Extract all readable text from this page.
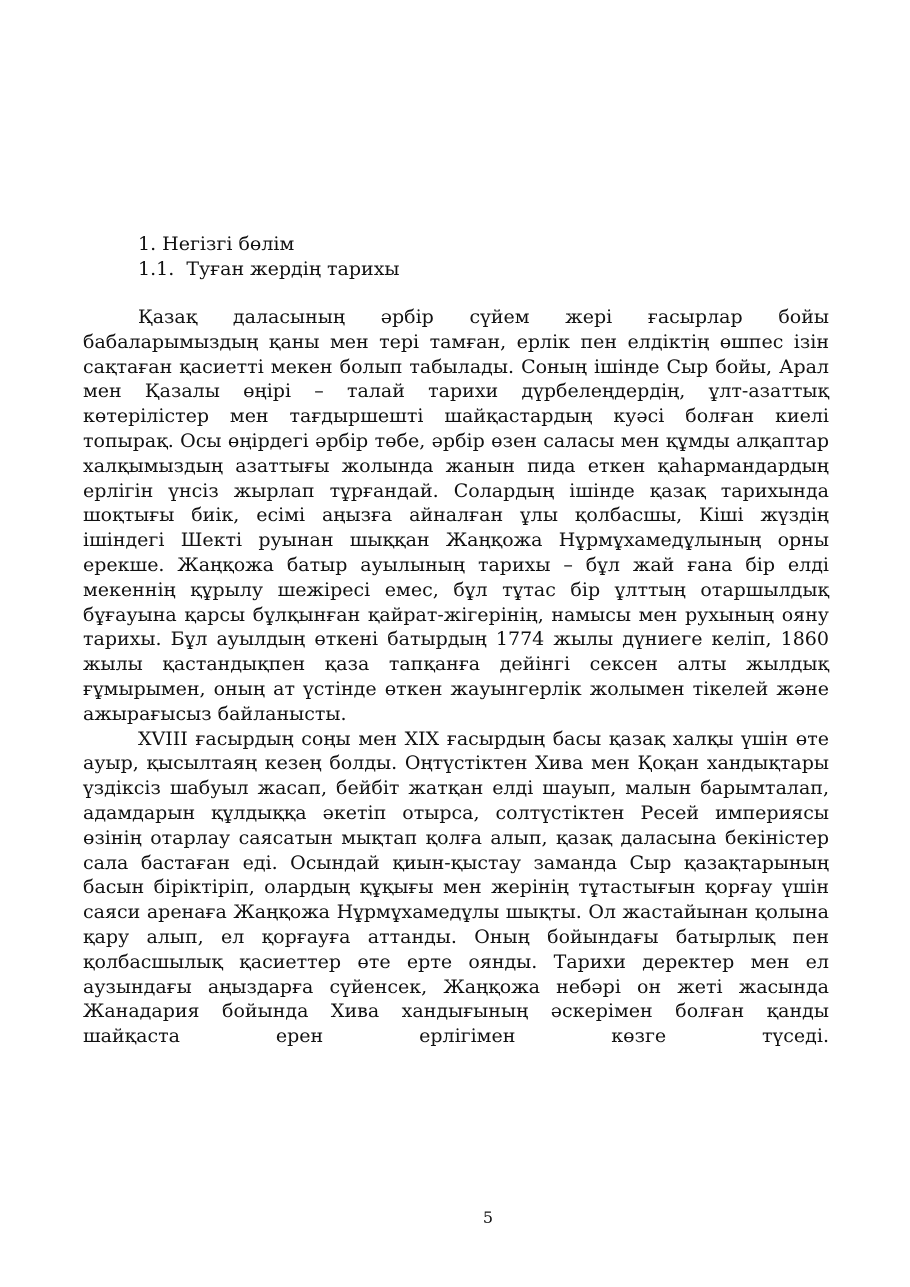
1. Негізгі бөлім
1.1.  Туған жердің тарихы

Қазақ даласының әрбір сүйем жері ғасырлар бойы бабаларымыздың қаны мен тері тамған, ерлік пен елдіктің өшпес ізін сақтаған қасиетті мекен болып табылады. Соның ішінде Сыр бойы, Арал мен Қазалы өңірі – талай тарихи дүрбелеңдердің, ұлт-азаттық көтерілістер мен тағдыршешті шайқастардың куәсі болған киелі топырақ. Осы өңірдегі әрбір төбе, әрбір өзен саласы мен құмды алқаптар халқымыздың азаттығы жолында жанын пида еткен қаһармандардың ерлігін үнсіз жырлап тұрғандай. Солардың ішінде қазақ тарихында шоқтығы биік, есімі аңызға айналған ұлы қолбасшы, Кіші жүздің ішіндегі Шекті руынан шыққан Жаңқожа Нұрмұхамедұлының орны ерекше. Жаңқожа батыр ауылының тарихы – бұл жай ғана бір елді мекеннің құрылу шежіресі емес, бұл тұтас бір ұлттың отаршылдық бұғауына қарсы бұлқынған қайрат-жігерінің, намысы мен рухының ояну тарихы. Бұл ауылдың өткені батырдың 1774 жылы дүниеге келіп, 1860 жылы қастандықпен қаза тапқанға дейінгі сексен алты жылдық ғұмырымен, оның ат үстінде өткен жауынгерлік жолымен тікелей және ажырағысыз байланысты.

XVIII ғасырдың соңы мен XIX ғасырдың басы қазақ халқы үшін өте ауыр, қысылтаяң кезең болды. Оңтүстіктен Хива мен Қоқан хандықтары үздіксіз шабуыл жасап, бейбіт жатқан елді шауып, малын барымталап, адамдарын құлдыққа әкетіп отырса, солтүстіктен Ресей империясы өзінің отарлау саясатын мықтап қолға алып, қазақ даласына бекіністер сала бастаған еді. Осындай қиын-қыстау заманда Сыр қазақтарының басын біріктіріп, олардың құқығы мен жерінің тұтастығын қорғау үшін саяси аренаға Жаңқожа Нұрмұхамедұлы шықты. Ол жастайынан қолына қару алып, ел қорғауға аттанды. Оның бойындағы батырлық пен қолбасшылық қасиеттер өте ерте оянды. Тарихи деректер мен ел аузындағы аңыздарға сүйенсек, Жаңқожа небәрі он жеті жасында Жанадария бойында Хива хандығының әскерімен болған қанды шайқаста ерен ерлігімен көзге түседі.

5
